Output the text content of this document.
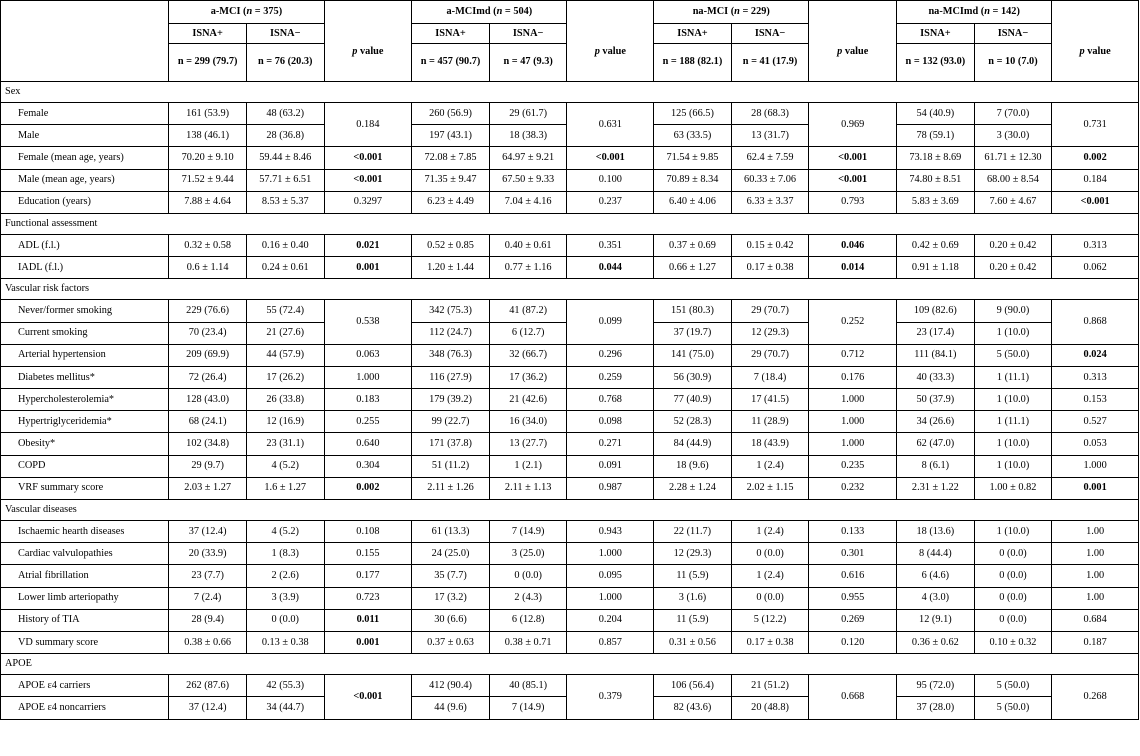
	a-MCI (n = 375)			a-MCImd (n = 504)			na-MCI (n = 229)			na-MCImd (n = 142)		
	ISNA+	ISNA−	p value	ISNA+	ISNA−	p value	ISNA+	ISNA−	p value	ISNA+	ISNA−	p value
	n = 299 (79.7)	n = 76 (20.3)		n = 457 (90.7)	n = 47 (9.3)		n = 188 (82.1)	n = 41 (17.9)		n = 132 (93.0)	n = 10 (7.0)	
Sex												
Female	161 (53.9)	48 (63.2)	0.184	260 (56.9)	29 (61.7)	0.631	125 (66.5)	28 (68.3)	0.969	54 (40.9)	7 (70.0)	0.731
Male	138 (46.1)	28 (36.8)		197 (43.1)	18 (38.3)		63 (33.5)	13 (31.7)		78 (59.1)	3 (30.0)	
Female (mean age, years)	70.20 ± 9.10	59.44 ± 8.46	<0.001	72.08 ± 7.85	64.97 ± 9.21	<0.001	71.54 ± 9.85	62.4 ± 7.59	<0.001	73.18 ± 8.69	61.71 ± 12.30	0.002
Male (mean age, years)	71.52 ± 9.44	57.71 ± 6.51	<0.001	71.35 ± 9.47	67.50 ± 9.33	0.100	70.89 ± 8.34	60.33 ± 7.06	<0.001	74.80 ± 8.51	68.00 ± 8.54	0.184
Education (years)	7.88 ± 4.64	8.53 ± 5.37	0.3297	6.23 ± 4.49	7.04 ± 4.16	0.237	6.40 ± 4.06	6.33 ± 3.37	0.793	5.83 ± 3.69	7.60 ± 4.67	<0.001
Functional assessment												
ADL (f.l.)	0.32 ± 0.58	0.16 ± 0.40	0.021	0.52 ± 0.85	0.40 ± 0.61	0.351	0.37 ± 0.69	0.15 ± 0.42	0.046	0.42 ± 0.69	0.20 ± 0.42	0.313
IADL (f.l.)	0.6 ± 1.14	0.24 ± 0.61	0.001	1.20 ± 1.44	0.77 ± 1.16	0.044	0.66 ± 1.27	0.17 ± 0.38	0.014	0.91 ± 1.18	0.20 ± 0.42	0.062
Vascular risk factors												
Never/former smoking	229 (76.6)	55 (72.4)	0.538	342 (75.3)	41 (87.2)	0.099	151 (80.3)	29 (70.7)	0.252	109 (82.6)	9 (90.0)	0.868
Current smoking	70 (23.4)	21 (27.6)		112 (24.7)	6 (12.7)		37 (19.7)	12 (29.3)		23 (17.4)	1 (10.0)	
Arterial hypertension	209 (69.9)	44 (57.9)	0.063	348 (76.3)	32 (66.7)	0.296	141 (75.0)	29 (70.7)	0.712	111 (84.1)	5 (50.0)	0.024
Diabetes mellitus*	72 (26.4)	17 (26.2)	1.000	116 (27.9)	17 (36.2)	0.259	56 (30.9)	7 (18.4)	0.176	40 (33.3)	1 (11.1)	0.313
Hypercholesterolemia*	128 (43.0)	26 (33.8)	0.183	179 (39.2)	21 (42.6)	0.768	77 (40.9)	17 (41.5)	1.000	50 (37.9)	1 (10.0)	0.153
Hypertriglyceridemia*	68 (24.1)	12 (16.9)	0.255	99 (22.7)	16 (34.0)	0.098	52 (28.3)	11 (28.9)	1.000	34 (26.6)	1 (11.1)	0.527
Obesity*	102 (34.8)	23 (31.1)	0.640	171 (37.8)	13 (27.7)	0.271	84 (44.9)	18 (43.9)	1.000	62 (47.0)	1 (10.0)	0.053
COPD	29 (9.7)	4 (5.2)	0.304	51 (11.2)	1 (2.1)	0.091	18 (9.6)	1 (2.4)	0.235	8 (6.1)	1 (10.0)	1.000
VRF summary score	2.03 ± 1.27	1.6 ± 1.27	0.002	2.11 ± 1.26	2.11 ± 1.13	0.987	2.28 ± 1.24	2.02 ± 1.15	0.232	2.31 ± 1.22	1.00 ± 0.82	0.001
Vascular diseases												
Ischaemic hearth diseases	37 (12.4)	4 (5.2)	0.108	61 (13.3)	7 (14.9)	0.943	22 (11.7)	1 (2.4)	0.133	18 (13.6)	1 (10.0)	1.00
Cardiac valvulopathies	20 (33.9)	1 (8.3)	0.155	24 (25.0)	3 (25.0)	1.000	12 (29.3)	0 (0.0)	0.301	8 (44.4)	0 (0.0)	1.00
Atrial fibrillation	23 (7.7)	2 (2.6)	0.177	35 (7.7)	0 (0.0)	0.095	11 (5.9)	1 (2.4)	0.616	6 (4.6)	0 (0.0)	1.00
Lower limb arteriopathy	7 (2.4)	3 (3.9)	0.723	17 (3.2)	2 (4.3)	1.000	3 (1.6)	0 (0.0)	0.955	4 (3.0)	0 (0.0)	1.00
History of TIA	28 (9.4)	0 (0.0)	0.011	30 (6.6)	6 (12.8)	0.204	11 (5.9)	5 (12.2)	0.269	12 (9.1)	0 (0.0)	0.684
VD summary score	0.38 ± 0.66	0.13 ± 0.38	0.001	0.37 ± 0.63	0.38 ± 0.71	0.857	0.31 ± 0.56	0.17 ± 0.38	0.120	0.36 ± 0.62	0.10 ± 0.32	0.187
APOE												
APOE ε4 carriers	262 (87.6)	42 (55.3)	<0.001	412 (90.4)	40 (85.1)	0.379	106 (56.4)	21 (51.2)	0.668	95 (72.0)	5 (50.0)	0.268
APOE ε4 noncarriers	37 (12.4)	34 (44.7)		44 (9.6)	7 (14.9)		82 (43.6)	20 (48.8)		37 (28.0)	5 (50.0)	
